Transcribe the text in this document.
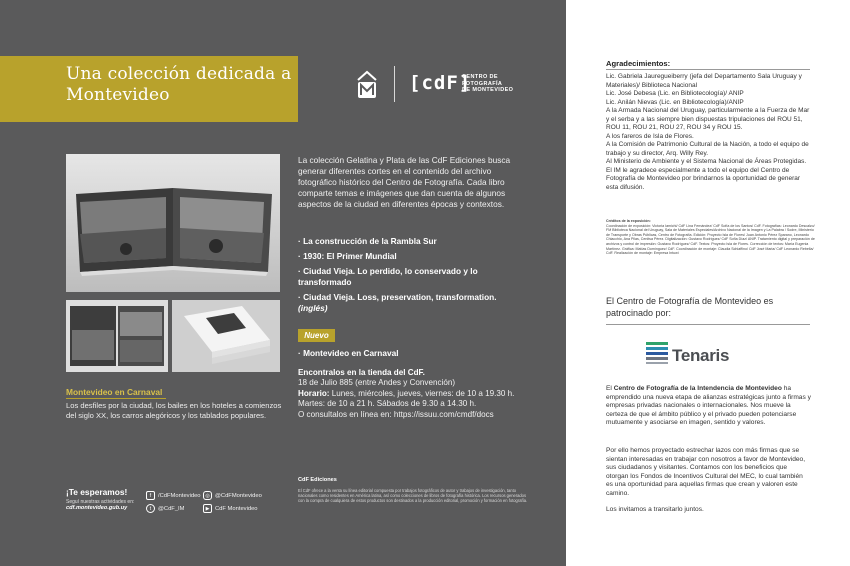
Una colección dedicada a Montevideo
[cdF]
CENTRO DE
FOTOGRAFÍA
DE MONTEVIDEO
La colección Gelatina y Plata de las CdF Ediciones busca generar diferentes cortes en el contenido del archivo fotográfico histórico del Centro de Fotografía. Cada libro comparte temas e imágenes que dan cuenta de algunos aspectos de la ciudad en diferentes épocas y contextos.
· La construcción de la Rambla Sur
· 1930: El Primer Mundial
· Ciudad Vieja. Lo perdido, lo conservado y lo transformado
· Ciudad Vieja. Loss, preservation, transformation. (inglés)
Nuevo
· Montevideo en Carnaval
Encontralos en la tienda del CdF.
18 de Julio 885 (entre Andes y Convención)
Horario: Lunes, miércoles, jueves, viernes: de 10 a 19.30 h.
Martes: de 10 a 21 h. Sábados de 9.30 a 14.30 h.
O consultalos en línea en: https://issuu.com/cmdf/docs
Montevideo en Carnaval
Los desfiles por la ciudad, los bailes en los hoteles a comienzos del siglo XX, los carros alegóricos y los tablados populares.
¡Te esperamos!
Seguí nuestras actividades en:
cdf.montevideo.gub.uy
f	/CdFMontevideo ◎ @CdFMontevideo
t	@CdF_IM	▶ CdF Montevideo
CdF Ediciones
El CdF ofrece a la venta su línea editorial compuesta por trabajos fotográficos de autor y trabajos de investigación, tanto nacionales como residentes en América latina, así como colecciones de libros de fotografía histórica. Los recursos generados con la compra de cualquiera de estos productos son destinados a la producción editorial, promoción y formación en fotografía.
Agradecimientos:
Lic. Gabriela Jauregueiberry (jefa del Departamento Sala Uruguay y Materiales)/ Biblioteca Nacional
Lic. José Debesa (Lic. en Bibliotecología)/ ANIP
Lic. Anilán Nievas (Lic. en Bibliotecología)/ANIP
A la Armada Nacional del Uruguay, particularmente a la Fuerza de Mar y el serba y a las siempre bien dispuestas tripulaciones del ROU 51, ROU 11, ROU 21, ROU 27, ROU 34 y ROU 15.
A los fareros de Isla de Flores.
A la Comisión de Patrimonio Cultural de la Nación, a todo el equipo de trabajo y su director, Arq. Willy Rey.
Al Ministerio de Ambiente y el Sistema Nacional de Áreas Protegidas.
El IM le agradece especialmente a todo el equipo del Centro de Fotografía de Montevideo por brindarnos la oportunidad de generar esta difusión.
Créditos de la exposición:
Coordinación de exposición: Victoria Iamichi/ CdF Lina Fernández/ CdF Sofía de los Santos/ CdF. Fotografías: Leonardo Descalzo/ FM Biblioteca Nacional del Uruguay, Sala de Materiales Especiales/Archivo Nacional de la Imagen y La Palabra / Sodre, Ministerio de Transporte y Obras Públicas, Centro de Fotografía. Edición: Proyecto Isla de Flores/ Juan Antonio Pérez Sparano, Leonardo Chiacchio, Ana Pilas, Cenitsa Pérez. Digitalización: Gustavo Rodríguez/ CdF Sofía Díaz/ ANIP. Tratamiento digital y preparación de archivos y control de impresión: Gustavo Rodríguez/ CdF. Textos: Proyecto Isla de Flores. Corrección de textos: María Eugenia Martínez. Gráfica: Matías Domínguez/ CdF. Coordinación de montaje: Claudia Schiaffino/ CdF José Maria/ CdF Leonardo Rebella/ CdF. Realización de montaje: Empresa Intuwi
El Centro de Fotografía de Montevideo es patrocinado por:
Tenaris
El Centro de Fotografía de la Intendencia de Montevideo ha emprendido una nueva etapa de alianzas estratégicas junto a firmas y empresas privadas nacionales o internacionales. Nos mueve la certeza de que el ámbito público y el privado pueden potenciarse mutuamente y asociarse en imagen, sentido y valores.
Por ello hemos proyectado estrechar lazos con más firmas que se sientan interesadas en trabajar con nosotros a favor de Montevideo, sus ciudadanos y visitantes. Contamos con los beneficios que otorgan los Fondos de Incentivos Cultural del MEC, lo cual también es una oportunidad para aquellas firmas que crean y valoren este camino.
Los invitamos a transitarlo juntos.
